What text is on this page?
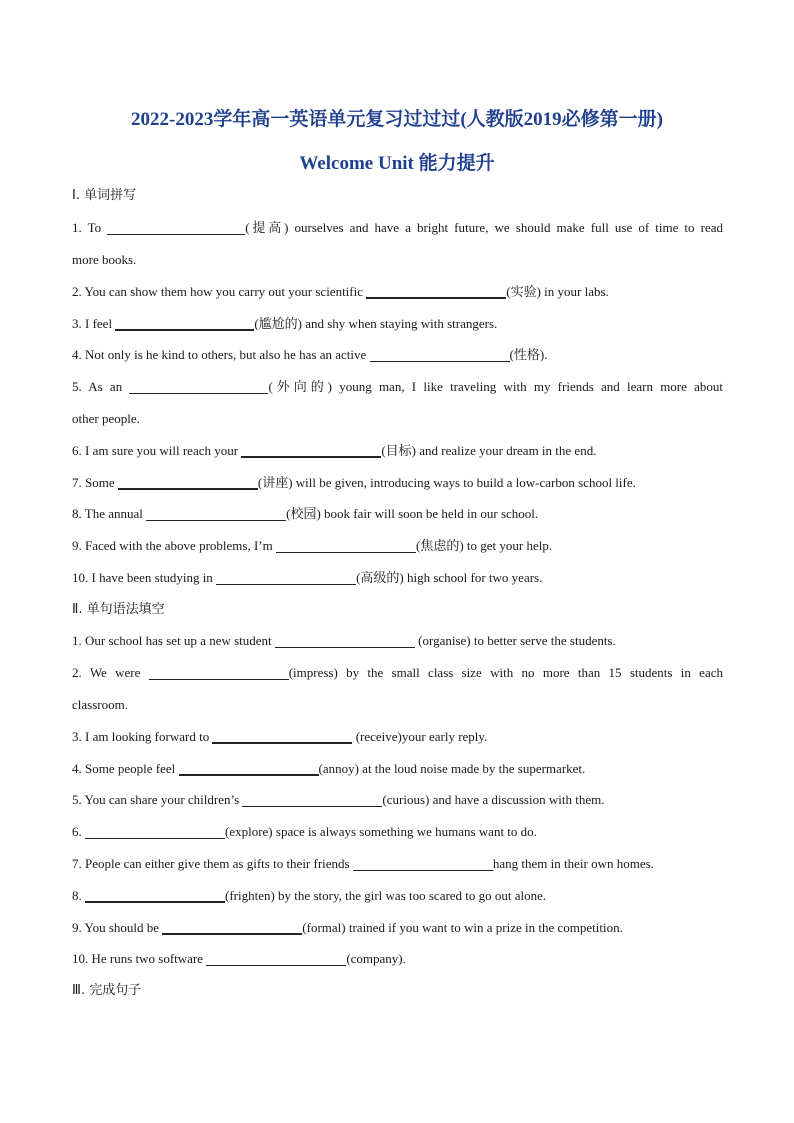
2022-2023学年高一英语单元复习过过过(人教版2019必修第一册)
Welcome Unit 能力提升
Ⅰ. 单词拼写
1. To	(提高) ourselves and have a bright future, we should make full use of time to read
more books.
2. You can show them how you carry out your scientific	(实验) in your labs.
3. I feel	(尴尬的) and shy when staying with strangers.
4. Not only is he kind to others, but also he has an active	(性格).
5. As an	(外向的) young man, I like traveling with my friends and learn more about
other people.
6. I am sure you will reach your	(目标) and realize your dream in the end.
7. Some	(讲座) will be given, introducing ways to build a low-carbon school life.
8. The annual	(校园) book fair will soon be held in our school.
9. Faced with the above problems, I’m	(焦虑的) to get your help.
10. I have been studying in	(高级的) high school for two years.
Ⅱ. 单句语法填空
1. Our school has set up a new student	(organise) to better serve the students.
2. We were	(impress) by the small class size with no more than 15 students in each
classroom.
3. I am looking forward to	(receive)your early reply.
4. Some people feel	(annoy) at the loud noise made by the supermarket.
5. You can share your children’s	(curious) and have a discussion with them.
6.	(explore) space is always something we humans want to do.
7. People can either give them as gifts to their friends	hang them in their own homes.
8.	(frighten) by the story, the girl was too scared to go out alone.
9. You should be	(formal) trained if you want to win a prize in the competition.
10. He runs two software	(company).
Ⅲ. 完成句子
